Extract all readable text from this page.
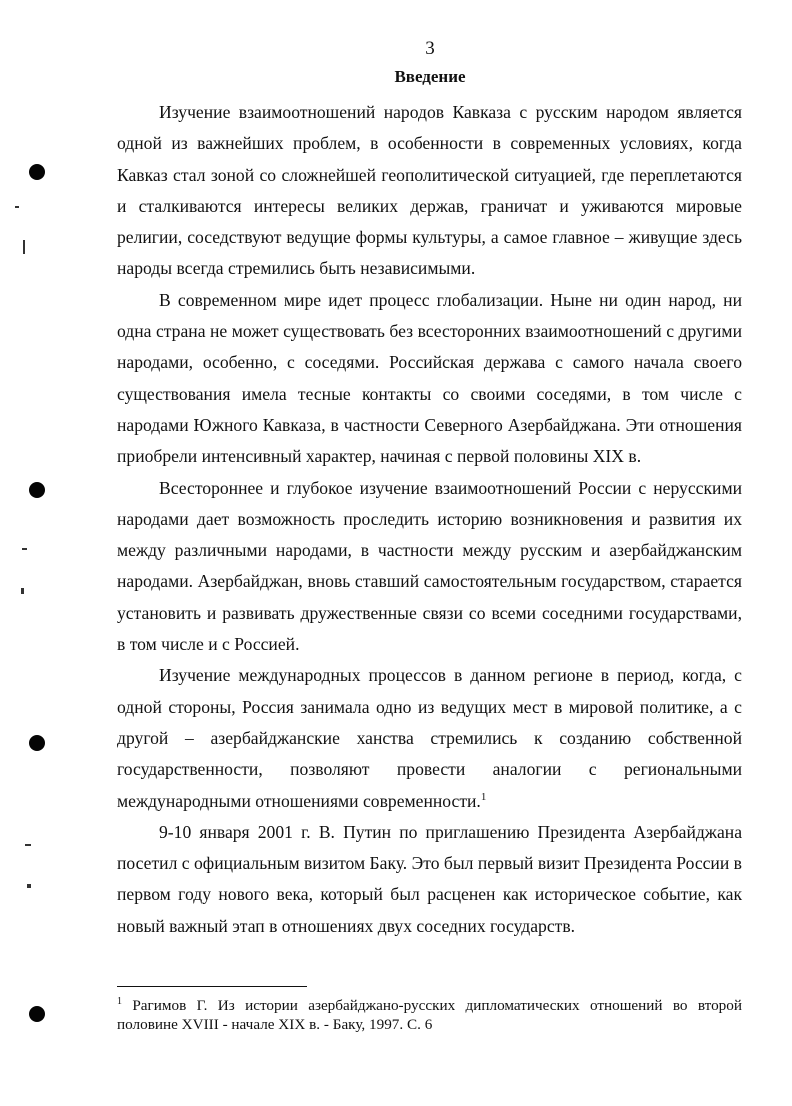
3
Введение

Изучение взаимоотношений народов Кавказа с русским народом является одной из важнейших проблем, в особенности в современных условиях, когда Кавказ стал зоной со сложнейшей геополитической ситуацией, где переплетаются и сталкиваются интересы великих держав, граничат и уживаются мировые религии, соседствуют ведущие формы культуры, а самое главное – живущие здесь народы всегда стремились быть независимыми.

В современном мире идет процесс глобализации. Ныне ни один народ, ни одна страна не может существовать без всесторонних взаимоотношений с другими народами, особенно, с соседями. Российская держава с самого начала своего существования имела тесные контакты со своими соседями, в том числе с народами Южного Кавказа, в частности Северного Азербайджана. Эти отношения приобрели интенсивный характер, начиная с первой половины XIX в.

Всестороннее и глубокое изучение взаимоотношений России с нерусскими народами дает возможность проследить историю возникновения и развития их между различными народами, в частности между русским и азербайджанским народами. Азербайджан, вновь ставший самостоятельным государством, старается установить и развивать дружественные связи со всеми соседними государствами, в том числе и с Россией.

Изучение международных процессов в данном регионе в период, когда, с одной стороны, Россия занимала одно из ведущих мест в мировой политике, а с другой – азербайджанские ханства стремились к созданию собственной государственности, позволяют провести аналогии с региональными международными отношениями современности.$^1$

9-10 января 2001 г. В. Путин по приглашению Президента Азербайджана посетил с официальным визитом Баку. Это был первый визит Президента России в первом году нового века, который был расценен как историческое событие, как новый важный этап в отношениях двух соседних государств.

$^1$ Рагимов Г. Из истории азербайджано-русских дипломатических отношений во второй половине XVIII - начале XIX в. - Баку, 1997. С. 6
